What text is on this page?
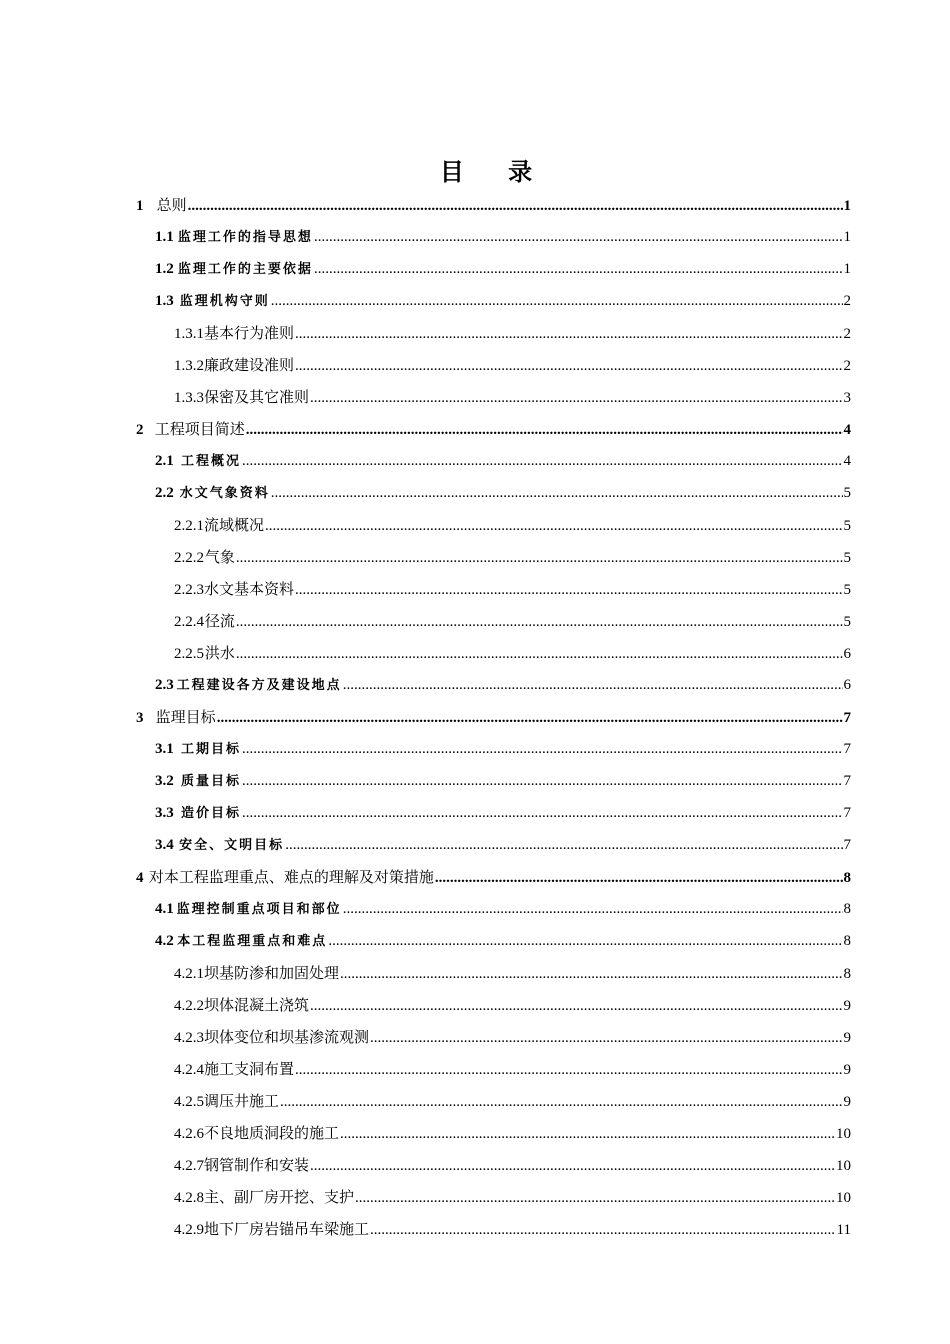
目 录
1 总则 .....	1
1.1 监理工作的指导思想 .....	1
1.2 监理工作的主要依据 .....	1
1.3 监理机构守则 .....	2
1.3.1 基本行为准则 .....	2
1.3.2 廉政建设准则 .....	2
1.3.3 保密及其它准则 .....	3
2 工程项目简述 .....	4
2.1 工程概况 .....	4
2.2 水文气象资料 .....	5
2.2.1 流域概况 .....	5
2.2.2 气象 .....	5
2.2.3 水文基本资料 .....	5
2.2.4 径流 .....	5
2.2.5 洪水 .....	6
2.3 工程建设各方及建设地点 .....	6
3 监理目标 .....	7
3.1 工期目标 .....	7
3.2 质量目标 .....	7
3.3 造价目标 .....	7
3.4 安全、文明目标 .....	7
4 对本工程监理重点、难点的理解及对策措施 .....	8
4.1 监理控制重点项目和部位 .....	8
4.2 本工程监理重点和难点 .....	8
4.2.1 坝基防渗和加固处理 .....	8
4.2.2 坝体混凝土浇筑 .....	9
4.2.3 坝体变位和坝基渗流观测 .....	9
4.2.4 施工支洞布置 .....	9
4.2.5 调压井施工 .....	9
4.2.6 不良地质洞段的施工 .....	10
4.2.7 钢管制作和安装 .....	10
4.2.8 主、副厂房开挖、支护 .....	10
4.2.9 地下厂房岩锚吊车梁施工 .....	11
